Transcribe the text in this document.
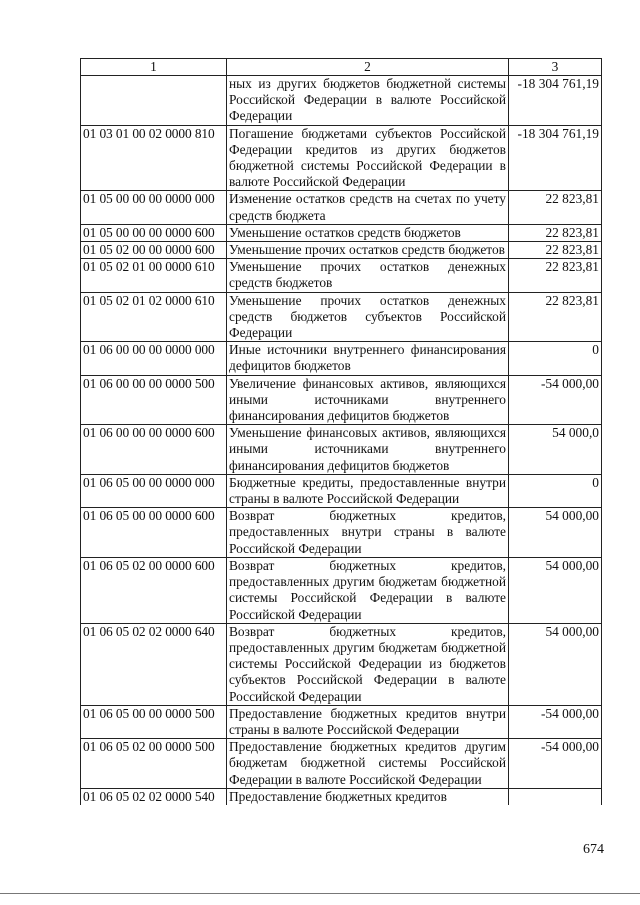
1	2	3
	ных из других бюджетов бюджетной системы Российской Федерации в валюте Российской Федерации	-18 304 761,19
01 03 01 00 02 0000 810	Погашение бюджетами субъектов Российской Федерации кредитов из других бюджетов бюджетной системы Российской Федерации в валюте Российской Федерации	-18 304 761,19
01 05 00 00 00 0000 000	Изменение остатков средств на счетах по учету средств бюджета	22 823,81
01 05 00 00 00 0000 600	Уменьшение остатков средств бюджетов	22 823,81
01 05 02 00 00 0000 600	Уменьшение прочих остатков средств бюджетов	22 823,81
01 05 02 01 00 0000 610	Уменьшение прочих остатков денежных средств бюджетов	22 823,81
01 05 02 01 02 0000 610	Уменьшение прочих остатков денежных средств бюджетов субъектов Российской Федерации	22 823,81
01 06 00 00 00 0000 000	Иные источники внутреннего финансирования дефицитов бюджетов	0
01 06 00 00 00 0000 500	Увеличение финансовых активов, являющихся иными источниками внутреннего финансирования дефицитов бюджетов	-54 000,00
01 06 00 00 00 0000 600	Уменьшение финансовых активов, являющихся иными источниками внутреннего финансирования дефицитов бюджетов	54 000,0
01 06 05 00 00 0000 000	Бюджетные кредиты, предоставленные внутри страны в валюте Российской Федерации	0
01 06 05 00 00 0000 600	Возврат бюджетных кредитов, предоставленных внутри страны в валюте Российской Федерации	54 000,00
01 06 05 02 00 0000 600	Возврат бюджетных кредитов, предоставленных другим бюджетам бюджетной системы Российской Федерации в валюте Российской Федерации	54 000,00
01 06 05 02 02 0000 640	Возврат бюджетных кредитов, предоставленных другим бюджетам бюджетной системы Российской Федерации из бюджетов субъектов Российской Федерации в валюте Российской Федерации	54 000,00
01 06 05 00 00 0000 500	Предоставление бюджетных кредитов внутри страны в валюте Российской Федерации	-54 000,00
01 06 05 02 00 0000 500	Предоставление бюджетных кредитов другим бюджетам бюджетной системы Российской Федерации в валюте Российской Федерации	-54 000,00
01 06 05 02 02 0000 540	Предоставление бюджетных кредитов	
674
